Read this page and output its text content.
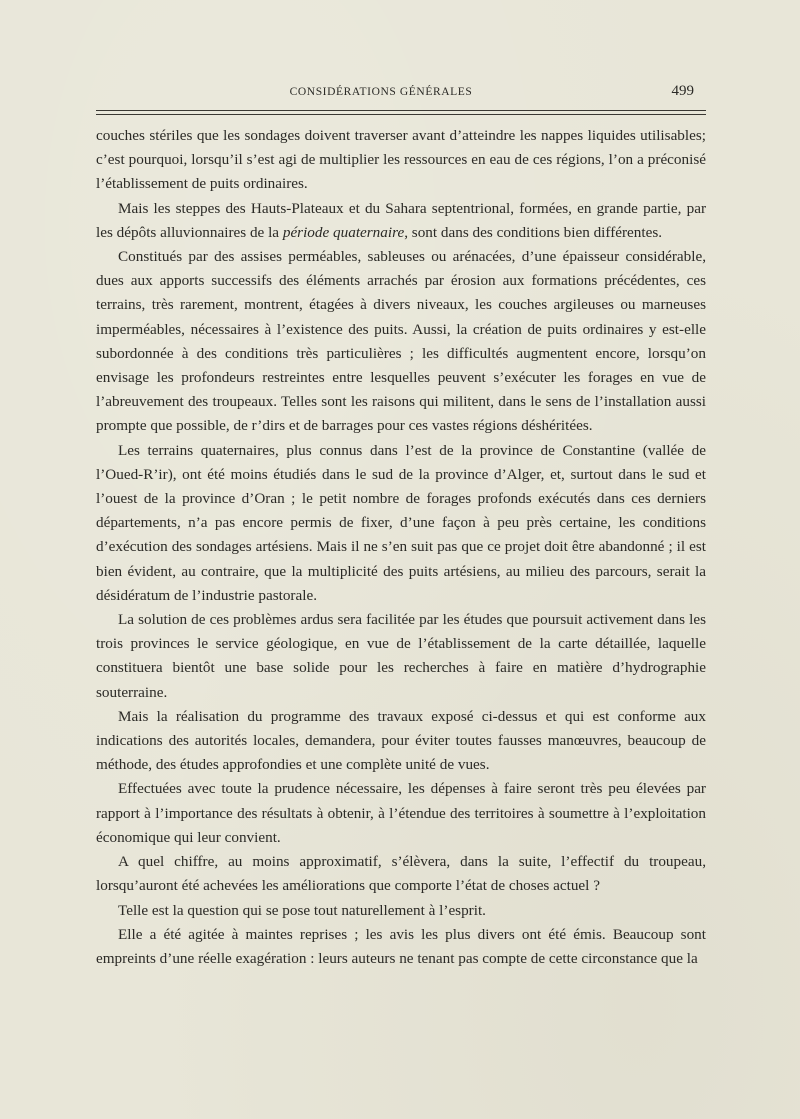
CONSIDÉRATIONS GÉNÉRALES	499

couches stériles que les sondages doivent traverser avant d’atteindre les nappes liquides utilisables; c’est pourquoi, lorsqu’il s’est agi de multiplier les ressources en eau de ces régions, l’on a préconisé l’établissement de puits ordinaires.

Mais les steppes des Hauts-Plateaux et du Sahara septentrional, formées, en grande partie, par les dépôts alluvionnaires de la période quaternaire, sont dans des conditions bien différentes.

Constitués par des assises perméables, sableuses ou arénacées, d’une épaisseur considérable, dues aux apports successifs des éléments arrachés par érosion aux formations précédentes, ces terrains, très rarement, montrent, étagées à divers niveaux, les couches argileuses ou marneuses imperméables, nécessaires à l’existence des puits. Aussi, la création de puits ordinaires y est-elle subordonnée à des conditions très particulières ; les difficultés augmentent encore, lorsqu’on envisage les profondeurs restreintes entre lesquelles peuvent s’exécuter les forages en vue de l’abreuvement des troupeaux. Telles sont les raisons qui militent, dans le sens de l’installation aussi prompte que possible, de r’dirs et de barrages pour ces vastes régions déshéritées.

Les terrains quaternaires, plus connus dans l’est de la province de Constantine (vallée de l’Oued-R’ir), ont été moins étudiés dans le sud de la province d’Alger, et, surtout dans le sud et l’ouest de la province d’Oran ; le petit nombre de forages profonds exécutés dans ces derniers départements, n’a pas encore permis de fixer, d’une façon à peu près certaine, les conditions d’exécution des sondages artésiens. Mais il ne s’en suit pas que ce projet doit être abandonné ; il est bien évident, au contraire, que la multiplicité des puits artésiens, au milieu des parcours, serait la désidératum de l’industrie pastorale.

La solution de ces problèmes ardus sera facilitée par les études que poursuit activement dans les trois provinces le service géologique, en vue de l’établissement de la carte détaillée, laquelle constituera bientôt une base solide pour les recherches à faire en matière d’hydrographie souterraine.

Mais la réalisation du programme des travaux exposé ci-dessus et qui est conforme aux indications des autorités locales, demandera, pour éviter toutes fausses manœuvres, beaucoup de méthode, des études approfondies et une complète unité de vues.

Effectuées avec toute la prudence nécessaire, les dépenses à faire seront très peu élevées par rapport à l’importance des résultats à obtenir, à l’étendue des territoires à soumettre à l’exploitation économique qui leur convient.

A quel chiffre, au moins approximatif, s’élèvera, dans la suite, l’effectif du troupeau, lorsqu’auront été achevées les améliorations que comporte l’état de choses actuel ?

Telle est la question qui se pose tout naturellement à l’esprit.

Elle a été agitée à maintes reprises ; les avis les plus divers ont été émis. Beaucoup sont empreints d’une réelle exagération : leurs auteurs ne tenant pas compte de cette circonstance que la
